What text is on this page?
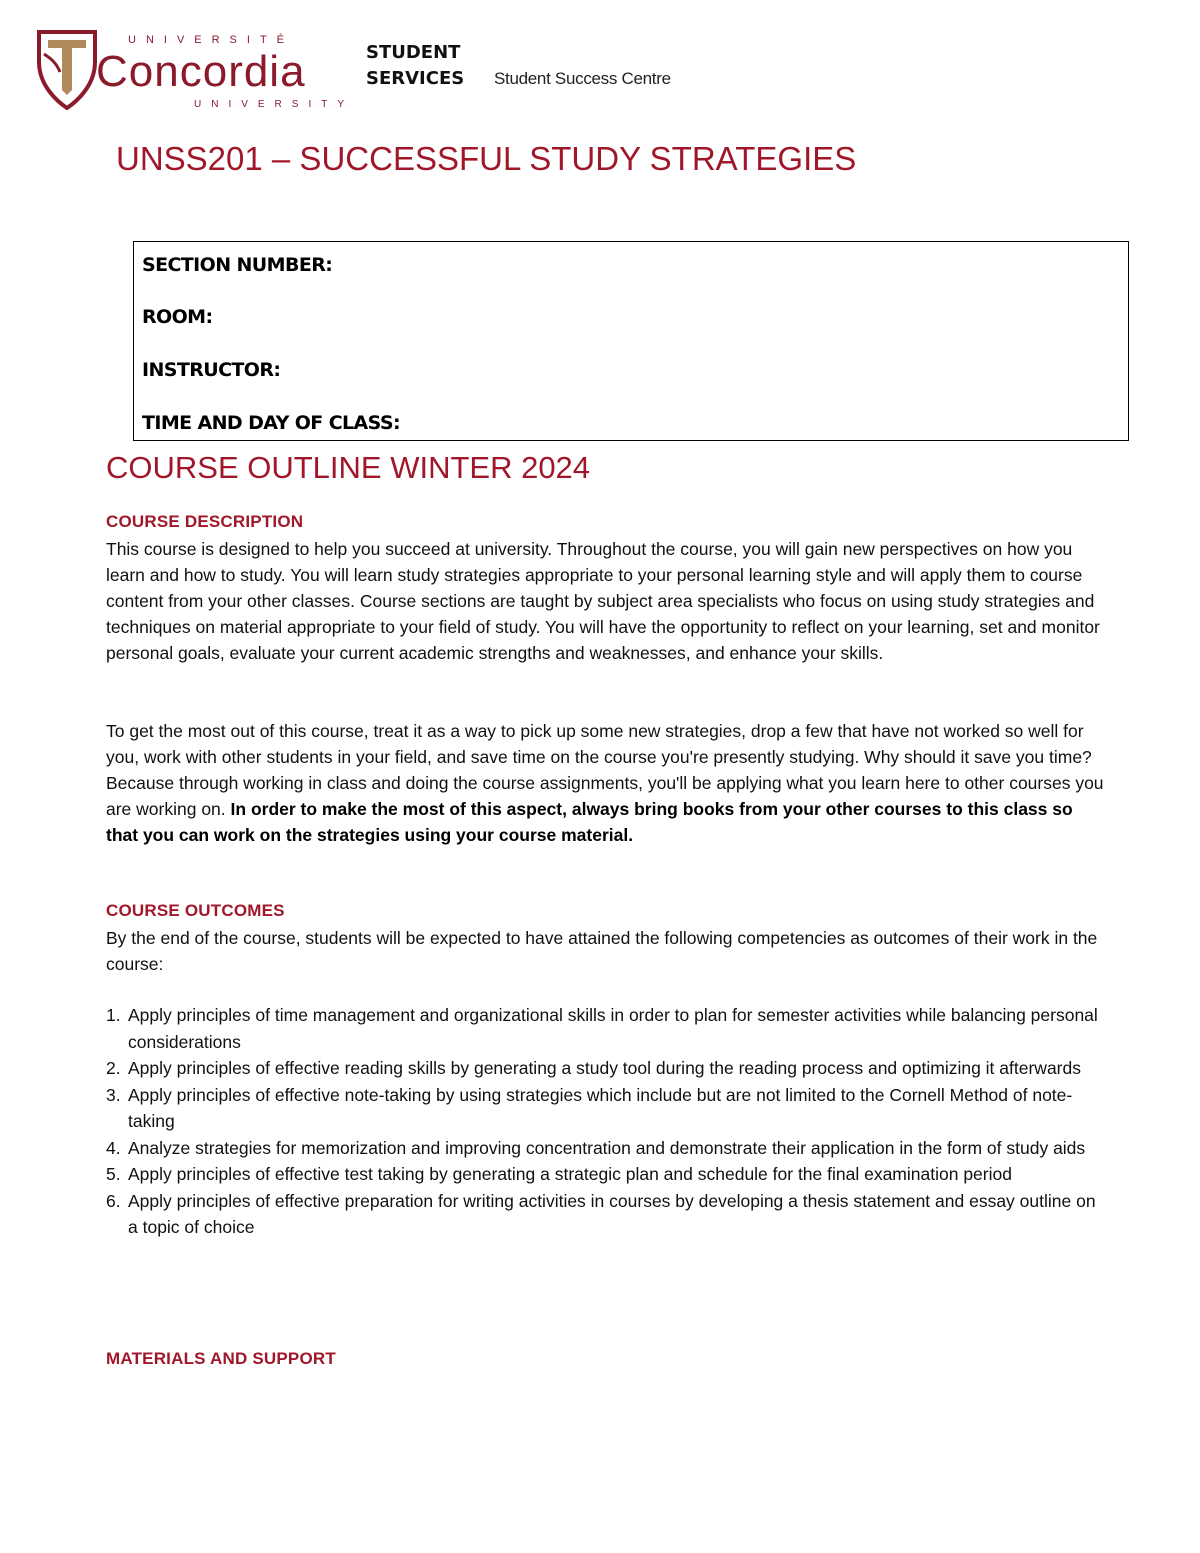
UNIVERSITÉ
Concordia
UNIVERSITY
STUDENT
SERVICES Student Success Centre
UNSS201 – SUCCESSFUL STUDY STRATEGIES
SECTION NUMBER:
ROOM:
INSTRUCTOR:
TIME AND DAY OF CLASS:
COURSE OUTLINE WINTER 2024
COURSE DESCRIPTION

This course is designed to help you succeed at university. Throughout the course, you will gain new perspectives on how you learn and how to study. You will learn study strategies appropriate to your personal learning style and will apply them to course content from your other classes. Course sections are taught by subject area specialists who focus on using study strategies and techniques on material appropriate to your field of study. You will have the opportunity to reflect on your learning, set and monitor personal goals, evaluate your current academic strengths and weaknesses, and enhance your skills.

To get the most out of this course, treat it as a way to pick up some new strategies, drop a few that have not worked so well for you, work with other students in your field, and save time on the course you're presently studying. Why should it save you time? Because through working in class and doing the course assignments, you'll be applying what you learn here to other courses you are working on. In order to make the most of this aspect, always bring books from your other courses to this class so that you can work on the strategies using your course material.

COURSE OUTCOMES

By the end of the course, students will be expected to have attained the following competencies as outcomes of their work in the course:

1. Apply principles of time management and organizational skills in order to plan for semester activities while balancing personal considerations
2. Apply principles of effective reading skills by generating a study tool during the reading process and optimizing it afterwards
3. Apply principles of effective note-taking by using strategies which include but are not limited to the Cornell Method of note-taking
4. Analyze strategies for memorization and improving concentration and demonstrate their application in the form of study aids
5. Apply principles of effective test taking by generating a strategic plan and schedule for the final examination period
6. Apply principles of effective preparation for writing activities in courses by developing a thesis statement and essay outline on a topic of choice
MATERIALS AND SUPPORT
